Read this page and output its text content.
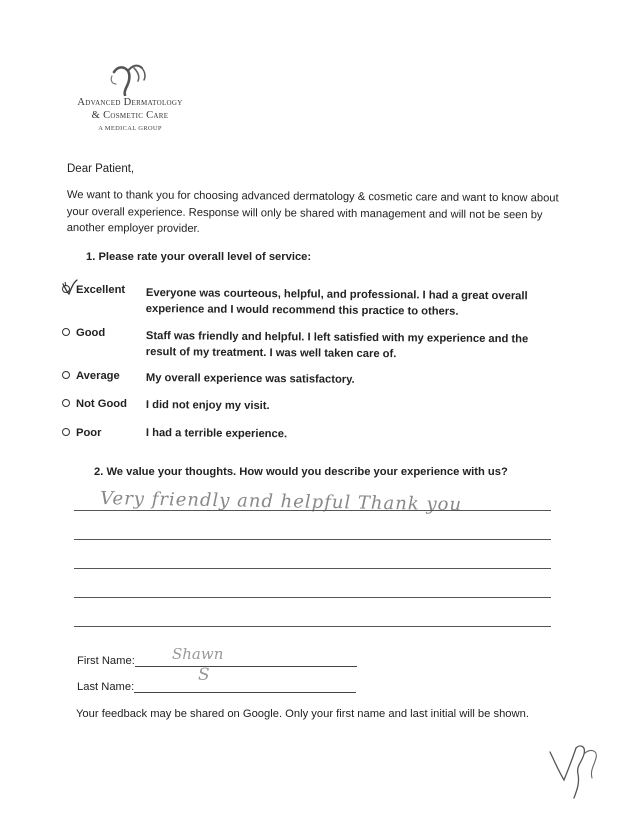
Advanced Dermatology
& Cosmetic Care
A MEDICAL GROUP
Dear Patient,
We want to thank you for choosing advanced dermatology & cosmetic care and want to know about your overall experience. Response will only be shared with management and will not be seen by another employer provider.
1. Please rate your overall level of service:
Excellent Everyone was courteous, helpful, and professional. I had a great overall experience and I would recommend this practice to others.
Good	Staff was friendly and helpful. I left satisfied with my experience and the result of my treatment. I was well taken care of.
Average My overall experience was satisfactory.
Not Good I did not enjoy my visit.
Poor	I had a terrible experience.
2. We value your thoughts. How would you describe your experience with us?
Very friendly and helpful Thank you
First Name:	Shawn
Last Name:
S
Your feedback may be shared on Google. Only your first name and last initial will be shown.
